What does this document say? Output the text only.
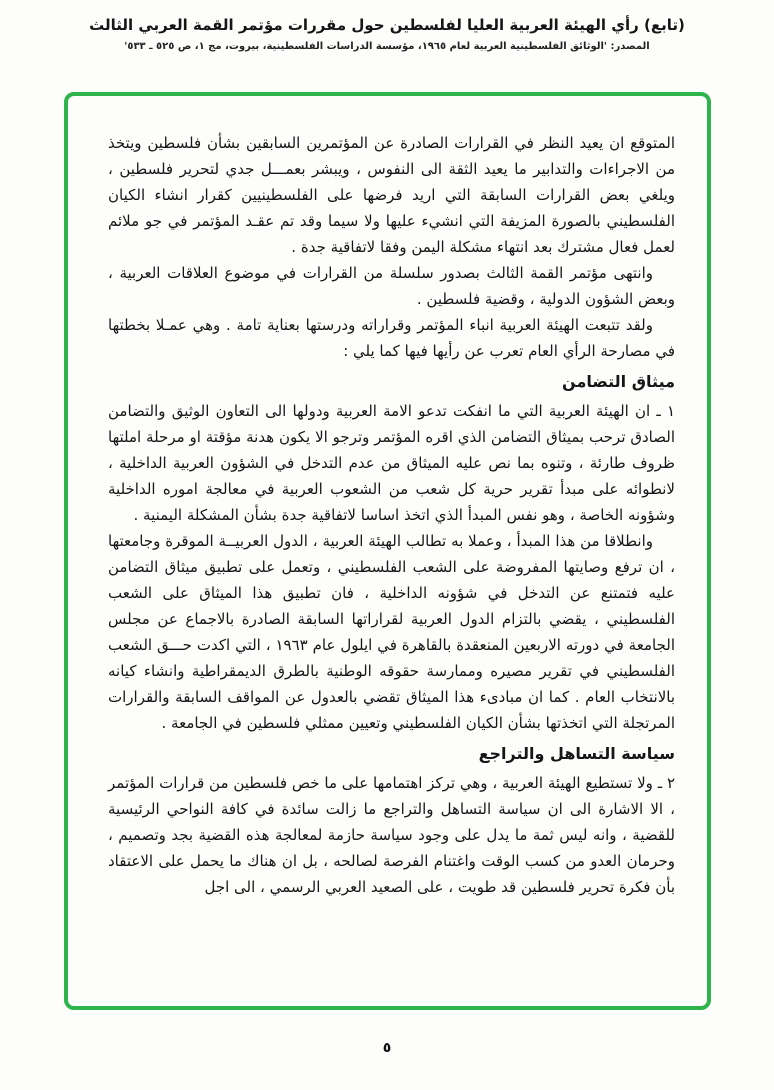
(تابع) رأي الهيئة العربية العليا لفلسطين حول مقررات مؤتمر القمة العربي الثالث
المصدر: 'الوثائق الفلسطينية العربية لعام ١٩٦٥، مؤسسة الدراسات الفلسطينية، بيروت، مج ١، ص ٥٢٥ ـ ٥٣٣'

المتوقع ان يعيد النظر في القرارات الصادرة عن المؤتمرين السابقين بشأن فلسطين ويتخذ من الاجراءات والتدابير ما يعيد الثقة الى النفوس ، ويبشر بعمـــل جدي لتحرير فلسطين ، ويلغي بعض القرارات السابقة التي اريد فرضها على الفلسطينيين كقرار انشاء الكيان الفلسطيني بالصورة المزيفة التي انشيء عليها ولا سيما وقد تم عقـد المؤتمر في جو ملائم لعمل فعال مشترك بعد انتهاء مشكلة اليمن وفقا لاتفاقية جدة .

وانتهى مؤتمر القمة الثالث بصدور سلسلة من القرارات في موضوع العلاقات العربية ، وبعض الشؤون الدولية ، وقضية فلسطين .

ولقد تتبعت الهيئة العربية انباء المؤتمر وقراراته ودرستها بعناية تامة . وهي عمـلا بخطتها في مصارحة الرأي العام تعرب عن رأيها فيها كما يلي :

ميثاق التضامن

١ ـ ان الهيئة العربية التي ما انفكت تدعو الامة العربية ودولها الى التعاون الوثيق والتضامن الصادق ترحب بميثاق التضامن الذي اقره المؤتمر وترجو الا يكون هدنة مؤقتة او مرحلة املتها ظروف طارئة ، وتنوه بما نص عليه الميثاق من عدم التدخل في الشؤون العربية الداخلية ، لانطوائه على مبدأ تقرير حرية كل شعب من الشعوب العربية في معالجة اموره الداخلية وشؤونه الخاصة ، وهو نفس المبدأ الذي اتخذ اساسا لاتفاقية جدة بشأن المشكلة اليمنية .

وانطلاقا من هذا المبدأ ، وعملا به تطالب الهيئة العربية ، الدول العربيــة الموقرة وجامعتها ، ان ترفع وصايتها المفروضة على الشعب الفلسطيني ، وتعمل على تطبيق ميثاق التضامن عليه فتمتنع عن التدخل في شؤونه الداخلية ، فان تطبيق هذا الميثاق على الشعب الفلسطيني ، يقضي بالتزام الدول العربية لقراراتها السابقة الصادرة بالاجماع عن مجلس الجامعة في دورته الاربعين المنعقدة بالقاهرة في ايلول عام ١٩٦٣ ، التي اكدت حـــق الشعب الفلسطيني في تقرير مصيره وممارسة حقوقه الوطنية بالطرق الديمقراطية وانشاء كيانه بالانتخاب العام . كما ان مبادىء هذا الميثاق تقضي بالعدول عن المواقف السابقة والقرارات المرتجلة التي اتخذتها بشأن الكيان الفلسطيني وتعيين ممثلي فلسطين في الجامعة .

سياسة التساهل والتراجع

٢ ـ ولا تستطيع الهيئة العربية ، وهي تركز اهتمامها على ما خص فلسطين من قرارات المؤتمر ، الا الاشارة الى ان سياسة التساهل والتراجع ما زالت سائدة في كافة النواحي الرئيسية للقضية ، وانه ليس ثمة ما يدل على وجود سياسة حازمة لمعالجة هذه القضية بجد وتصميم ، وحرمان العدو من كسب الوقت واغتنام الفرصة لصالحه ، بل ان هناك ما يحمل على الاعتقاد بأن فكرة تحرير فلسطين قد طويت ، على الصعيد العربي الرسمي ، الى اجل

٥
